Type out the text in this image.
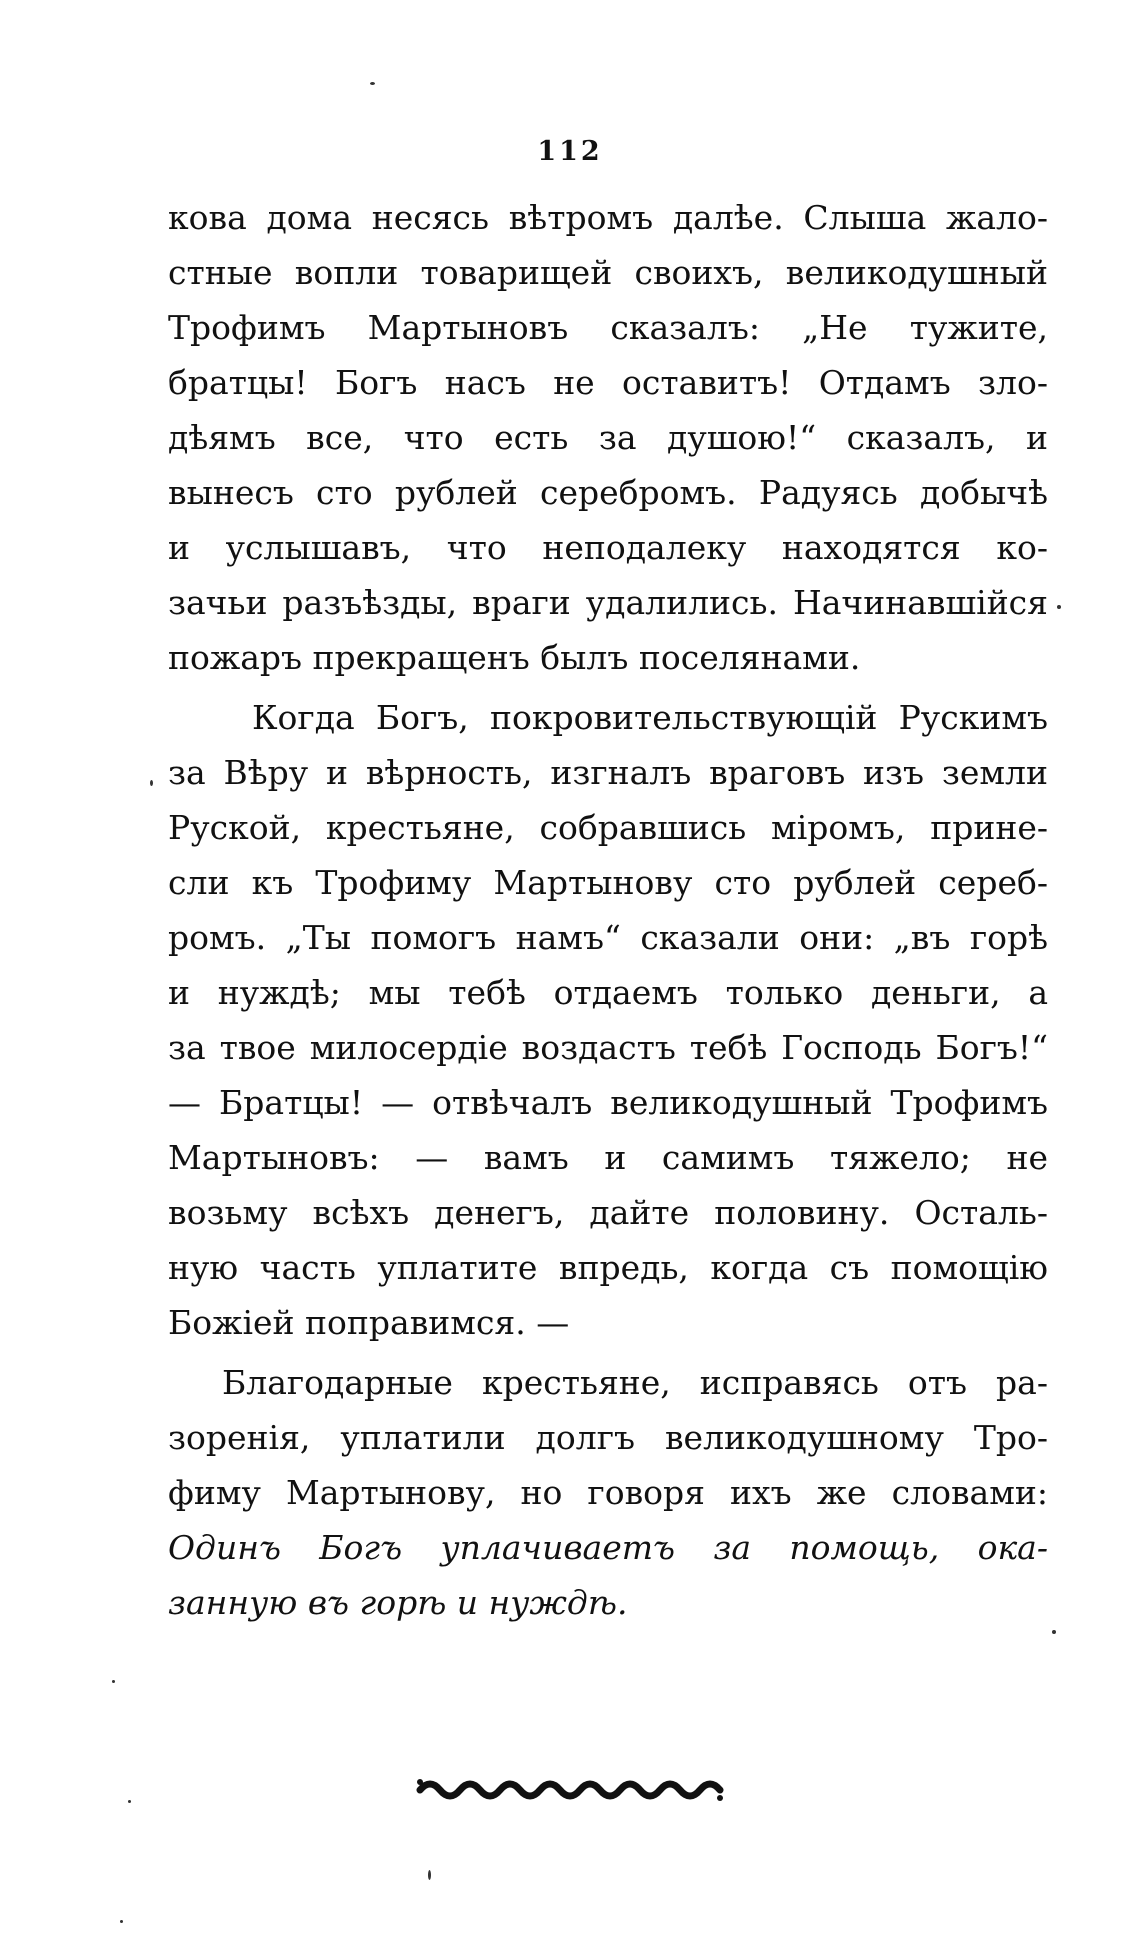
112
кова дома несясь вѣтромъ далѣе. Слыша жало-
стные вопли товарищей своихъ, великодушный
Трофимъ Мартыновъ сказалъ: „Не тужите,
братцы! Богъ насъ не оставитъ! Отдамъ зло-
дѣямъ все, что есть за душою!“ сказалъ, и
вынесъ сто рублей серебромъ. Радуясь добычѣ
и услышавъ, что неподалеку находятся ко-
зачьи разъѣзды, враги удалились. Начинавшійся
пожаръ прекращенъ былъ поселянами.
Когда Богъ, покровительствующій Рускимъ
за Вѣру и вѣрность, изгналъ враговъ изъ земли
Руской, крестьяне, собравшись міромъ, прине-
сли къ Трофиму Мартынову сто рублей сереб-
ромъ. „Ты помогъ намъ“ сказали они: „въ горѣ
и нуждѣ; мы тебѣ отдаемъ только деньги, а
за твое милосердіе воздастъ тебѣ Господь Богъ!“
— Братцы! — отвѣчалъ великодушный Трофимъ
Мартыновъ: — вамъ и самимъ тяжело; не
возьму всѣхъ денегъ, дайте половину. Осталь-
ную часть уплатите впредь, когда съ помощію
Божіей поправимся. —
Благодарные крестьяне, исправясь отъ ра-
зоренія, уплатили долгъ великодушному Тро-
фиму Мартынову, но говоря ихъ же словами:
Одинъ Богъ уплачиваетъ за помощь, ока-
занную въ горѣ и нуждѣ.
